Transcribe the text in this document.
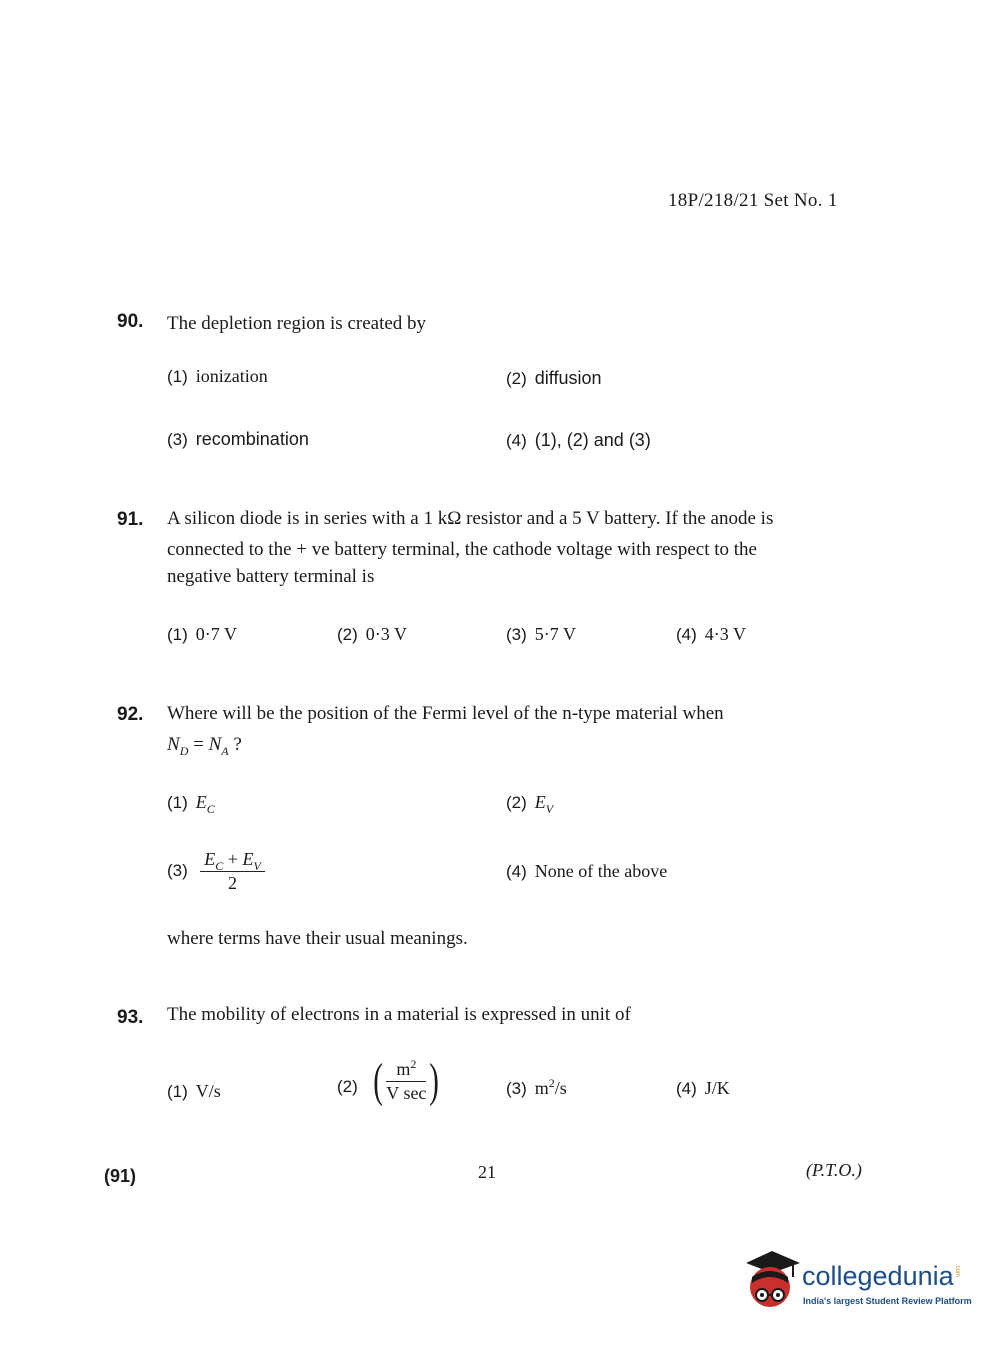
18P/218/21 Set No. 1
90. The depletion region is created by
(1) ionization	(2) diffusion
(3) recombination	(4) (1), (2) and (3)
91. A silicon diode is in series with a 1 kΩ resistor and a 5 V battery. If the anode is
connected to the + ve battery terminal, the cathode voltage with respect to the
negative battery terminal is
(1) 0·7 V	(2) 0·3 V	(3) 5·7 V	(4) 4·3 V
92. Where will be the position of the Fermi level of the n-type material when
$N_D = N_A$ ?
(1) $E_C$	(2) $E_V$
$(3) \frac{E_C + E_V}{2}$	(4) None of the above
where terms have their usual meanings.
93. The mobility of electrons in a material is expressed in unit of
(1) V/s	(2) ( $\frac{m^2}{\text{V sec}}$ )	(3) $m^2/s$	(4) J/K
(91)	21	(P.T.O.)
collegedunia .com
India's largest Student Review Platform
